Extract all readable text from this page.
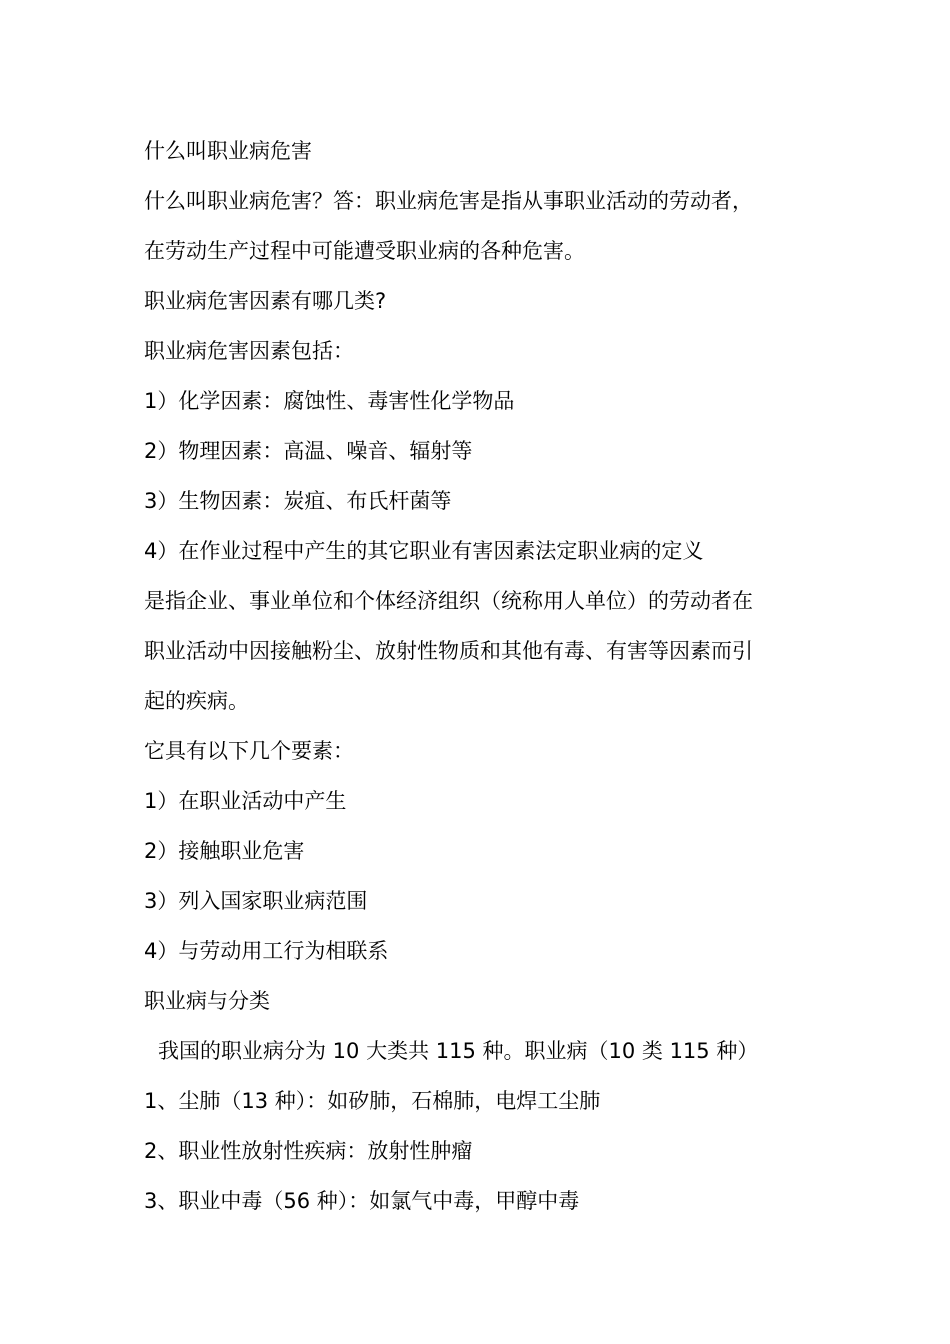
什么叫职业病危害
什么叫职业病危害？答：职业病危害是指从事职业活动的劳动者，
在劳动生产过程中可能遭受职业病的各种危害。
职业病危害因素有哪几类?
职业病危害因素包括：
1）化学因素：腐蚀性、毒害性化学物品
2）物理因素：高温、噪音、辐射等
3）生物因素：炭疽、布氏杆菌等
4）在作业过程中产生的其它职业有害因素法定职业病的定义
是指企业、事业单位和个体经济组织（统称用人单位）的劳动者在
职业活动中因接触粉尘、放射性物质和其他有毒、有害等因素而引
起的疾病。
它具有以下几个要素：
1）在职业活动中产生
2）接触职业危害
3）列入国家职业病范围
4）与劳动用工行为相联系
职业病与分类
我国的职业病分为 10 大类共 115 种。职业病（10 类 115 种）
1、尘肺（13 种）：如矽肺，石棉肺，电焊工尘肺
2、职业性放射性疾病：放射性肿瘤
3、职业中毒（56 种）：如氯气中毒，甲醇中毒
